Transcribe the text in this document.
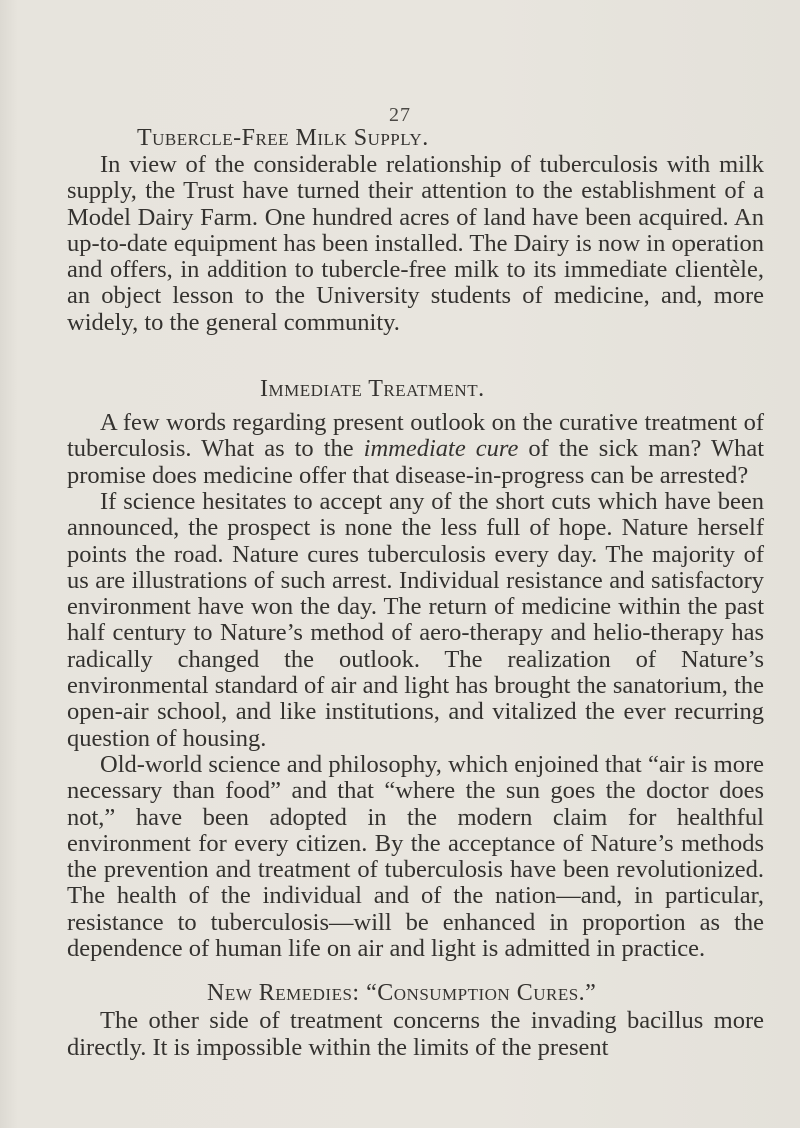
27
Tubercle-Free Milk Supply.

In view of the considerable relationship of tuberculosis with milk supply, the Trust have turned their attention to the establishment of a Model Dairy Farm. One hundred acres of land have been acquired. An up-to-date equipment has been installed. The Dairy is now in operation and offers, in addition to tubercle-free milk to its immediate clientèle, an object lesson to the University students of medicine, and, more widely, to the general community.

Immediate Treatment.

A few words regarding present outlook on the curative treatment of tuberculosis. What as to the immediate cure of the sick man? What promise does medicine offer that disease-in-progress can be arrested?

If science hesitates to accept any of the short cuts which have been announced, the prospect is none the less full of hope. Nature herself points the road. Nature cures tuberculosis every day. The majority of us are illustrations of such arrest. Individual resistance and satisfactory environment have won the day. The return of medicine within the past half century to Nature’s method of aero-therapy and helio-therapy has radically changed the outlook. The realization of Nature’s environmental standard of air and light has brought the sanatorium, the open-air school, and like institutions, and vitalized the ever recurring question of housing.

Old-world science and philosophy, which enjoined that “air is more necessary than food” and that “where the sun goes the doctor does not,” have been adopted in the modern claim for healthful environment for every citizen. By the acceptance of Nature’s methods the prevention and treatment of tuberculosis have been revolutionized. The health of the individual and of the nation—and, in particular, resistance to tuberculosis—will be enhanced in proportion as the dependence of human life on air and light is admitted in practice.

New Remedies: “Consumption Cures.”

The other side of treatment concerns the invading bacillus more directly. It is impossible within the limits of the present
